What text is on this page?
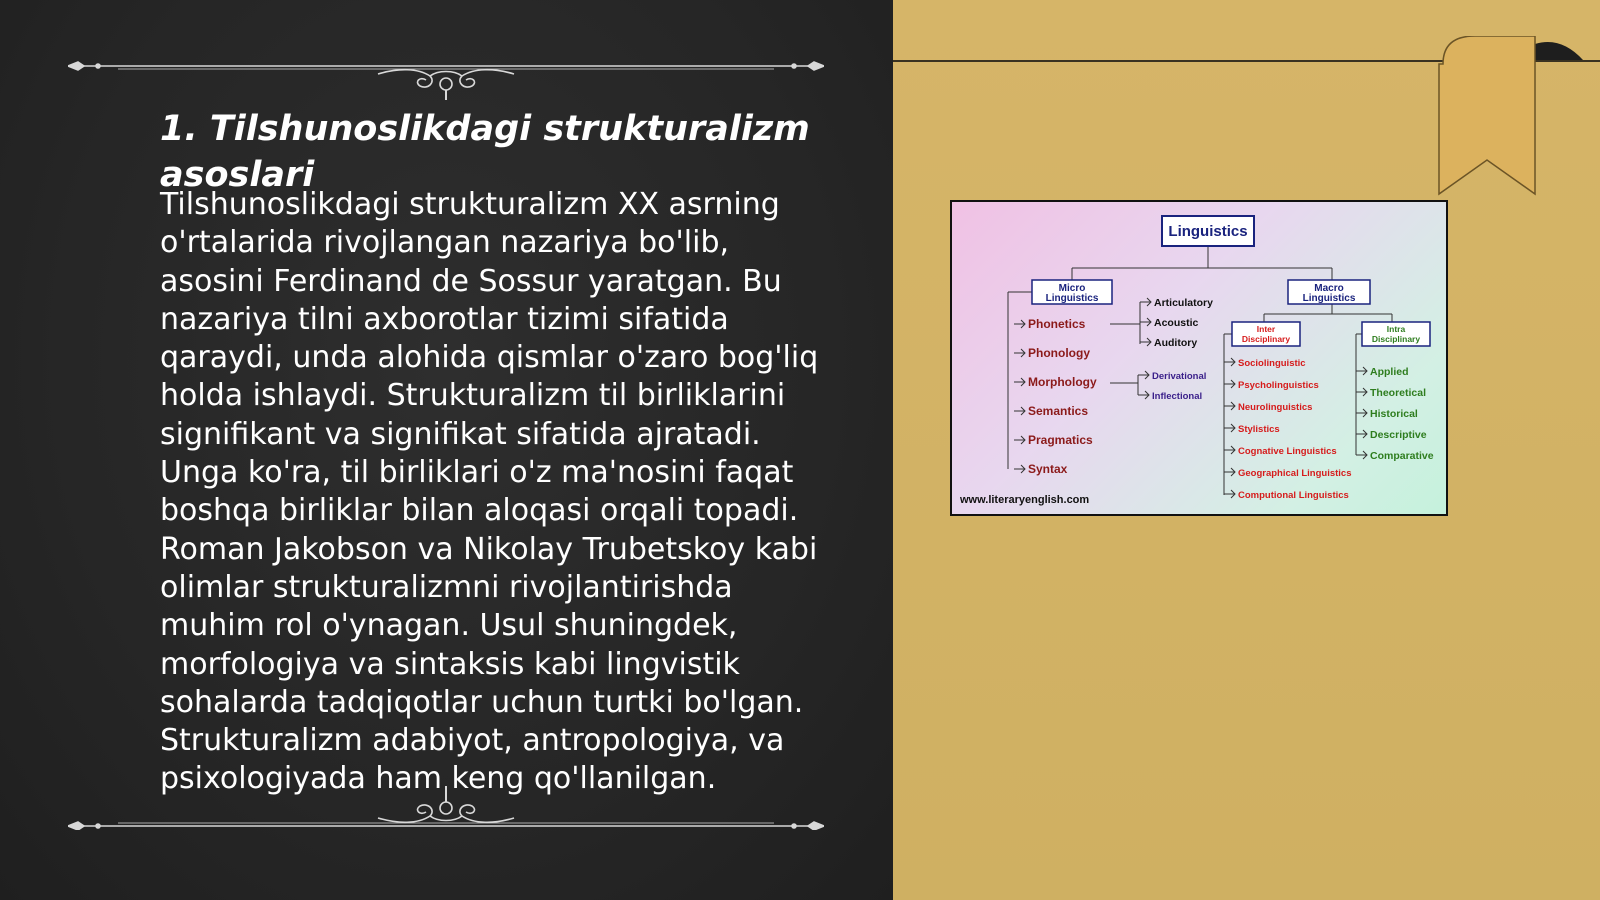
1. Tilshunoslikdagi strukturalizm asoslari

Tilshunoslikdagi strukturalizm XX asrning o'rtalarida rivojlangan nazariya bo'lib, asosini Ferdinand de Sossur yaratgan. Bu nazariya tilni axborotlar tizimi sifatida qaraydi, unda alohida qismlar o'zaro bog'liq holda ishlaydi. Strukturalizm til birliklarini signifikant va signifikat sifatida ajratadi. Unga ko'ra, til birliklari o'z ma'nosini faqat boshqa birliklar bilan aloqasi orqali topadi. Roman Jakobson va Nikolay Trubetskoy kabi olimlar strukturalizmni rivojlantirishda muhim rol o'ynagan. Usul shuningdek, morfologiya va sintaksis kabi lingvistik sohalarda tadqiqotlar uchun turtki bo'lgan. Strukturalizm adabiyot, antropologiya, va psixologiyada ham keng qo'llanilgan.

Linguistics
Micro
Linguistics
Macro
Linguistics
Inter
Disciplinary
Intra
Disciplinary
Phonetics
Phonology
Morphology
Semantics
Pragmatics
Syntax
Articulatory
Acoustic
Auditory
Derivational
Inflectional
Sociolinguistic
Psycholinguistics
Neurolinguistics
Stylistics
Cognative Linguistics
Geographical Linguistics
Computional Linguistics
Applied
Theoretical
Historical
Descriptive
Comparative
www.literaryenglish.com
